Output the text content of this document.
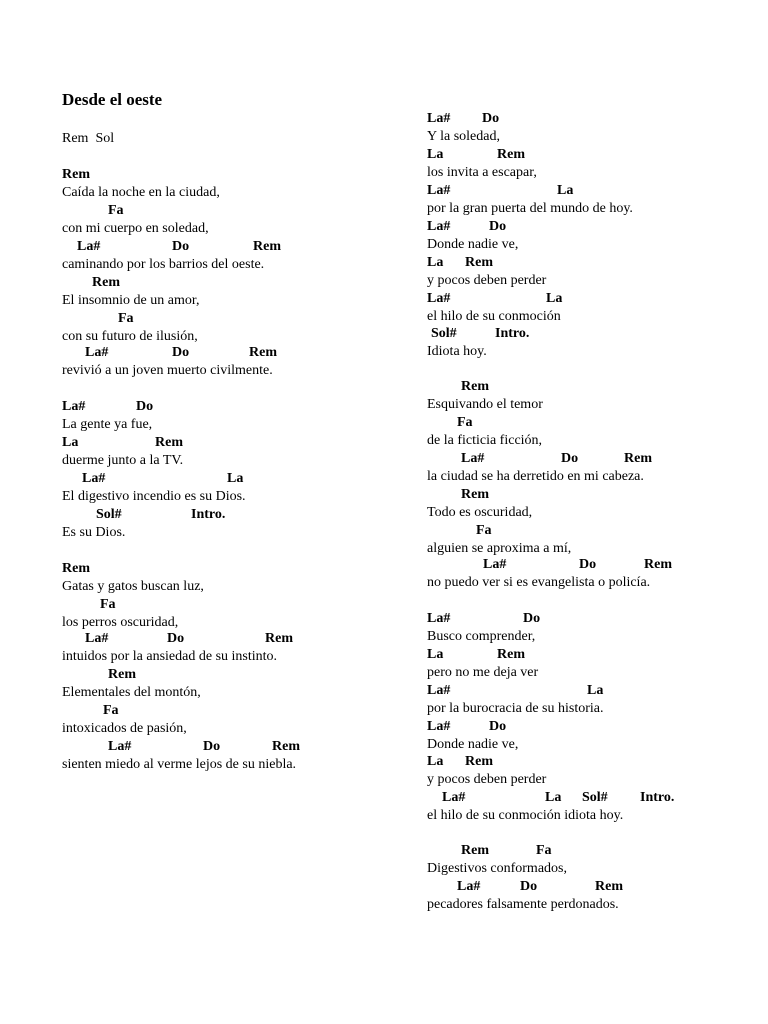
Desde el oeste
Rem  Sol
Rem
Caída la noche en la ciudad,
Fa
con mi cuerpo en soledad,
La#	Do	Rem
caminando por los barrios del oeste.
Rem
El insomnio de un amor,
Fa
con su futuro de ilusión,
La#	Do	Rem
revivió a un joven muerto civilmente.
La#	Do
La gente ya fue,
La	Rem
duerme junto a la TV.
La#	La
El digestivo incendio es su Dios.
Sol#	Intro.
Es su Dios.
Rem
Gatas y gatos buscan luz,
Fa
los perros oscuridad,
La#	Do	Rem
intuidos por la ansiedad de su instinto.
Rem
Elementales del montón,
Fa
intoxicados de pasión,
La#	Do	Rem
sienten miedo al verme lejos de su niebla.
La# Do
Y la soledad,
La	Rem
los invita a escapar,
La#	La
por la gran puerta del mundo de hoy.
La#	Do
Donde nadie ve,
La Rem
y pocos deben perder
La#	La
el hilo de su conmoción
Sol#	Intro.
Idiota hoy.
Rem
Esquivando el temor
Fa
de la ficticia ficción,
La#	Do	Rem
la ciudad se ha derretido en mi cabeza.
Rem
Todo es oscuridad,
Fa
alguien se aproxima a mí,
La#	Do	Rem
no puedo ver si es evangelista o policía.
La#	Do
Busco comprender,
La	Rem
pero no me deja ver
La#	La
por la burocracia de su historia.
La#	Do
Donde nadie ve,
La Rem
y pocos deben perder
La#	La Sol# Intro.
el hilo de su conmoción idiota hoy.
Rem	Fa
Digestivos conformados,
La#	Do	Rem
pecadores falsamente perdonados.
